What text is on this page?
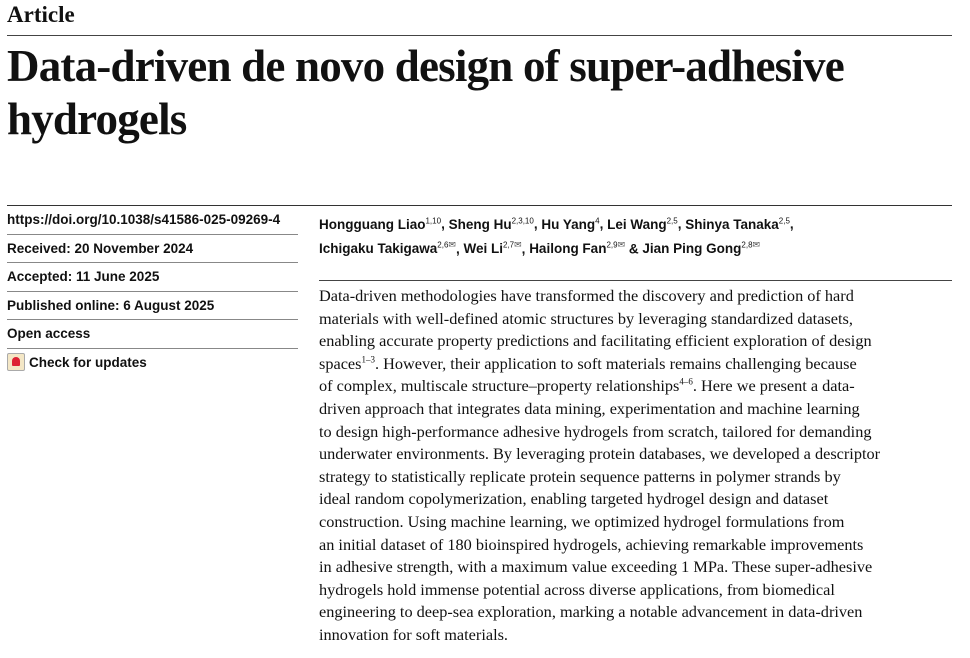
Article
Data-driven de novo design of super-adhesive
hydrogels
https://doi.org/10.1038/s41586-025-09269-4
Received: 20 November 2024
Accepted: 11 June 2025
Published online: 6 August 2025
Open access
Check for updates
Hongguang Liao$^{1,10}$, Sheng Hu$^{2,3,10}$, Hu Yang$^4$, Lei Wang$^{2,5}$, Shinya Tanaka$^{2,5}$,
Ichigaku Takigawa$^{2,6✉}$, Wei $Li^{2,7✉}$, Hailong Fan$^{2,9✉}$ & Jian Ping Gong$^{2,8✉}$
Data-driven methodologies have transformed the discovery and prediction of hard
materials with well-defined atomic structures by leveraging standardized datasets,
enabling accurate property predictions and facilitating efficient exploration of design
spaces$^{1-3}$. However, their application to soft materials remains challenging because
of complex, multiscale structure–property relationships$^{4-6}$. Here we present a data-
driven approach that integrates data mining, experimentation and machine learning
to design high-performance adhesive hydrogels from scratch, tailored for demanding
underwater environments. By leveraging protein databases, we developed a descriptor
strategy to statistically replicate protein sequence patterns in polymer strands by
ideal random copolymerization, enabling targeted hydrogel design and dataset
construction. Using machine learning, we optimized hydrogel formulations from
an initial dataset of 180 bioinspired hydrogels, achieving remarkable improvements
in adhesive strength, with a maximum value exceeding 1 MPa. These super-adhesive
hydrogels hold immense potential across diverse applications, from biomedical
engineering to deep-sea exploration, marking a notable advancement in data-driven
innovation for soft materials.
